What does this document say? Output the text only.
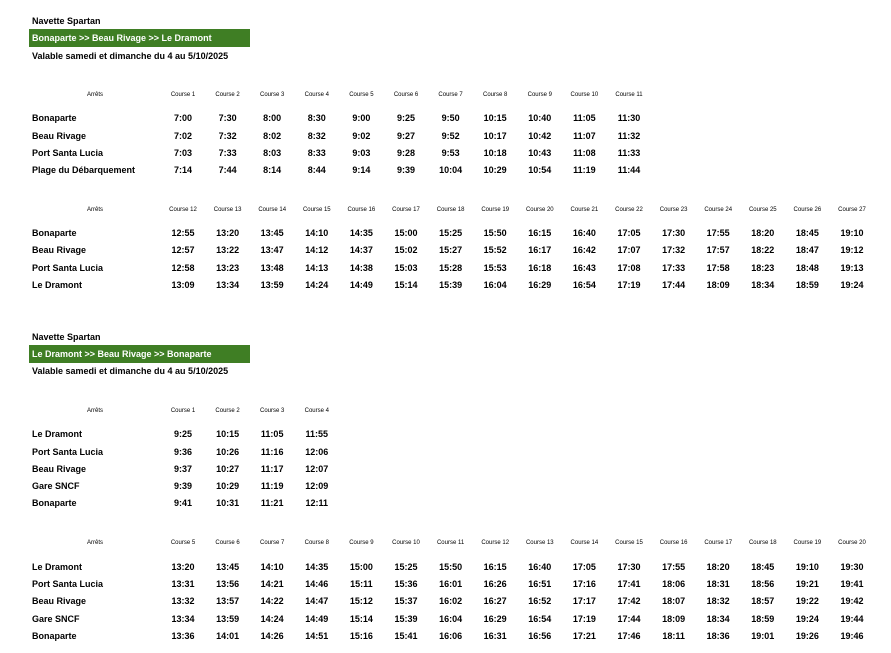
Navette Spartan
Bonaparte >> Beau Rivage >> Le Dramont
Valable samedi et dimanche du 4 au 5/10/2025
Arrêts	Course 1	Course 2	Course 3	Course 4	Course 5	Course 6	Course 7	Course 8	Course 9	Course 10	Course 11
Bonaparte	7:00	7:30	8:00	8:30	9:00	9:25	9:50	10:15	10:40	11:05	11:30
Beau Rivage	7:02	7:32	8:02	8:32	9:02	9:27	9:52	10:17	10:42	11:07	11:32
Port Santa Lucia	7:03	7:33	8:03	8:33	9:03	9:28	9:53	10:18	10:43	11:08	11:33
Plage du Débarquement	7:14	7:44	8:14	8:44	9:14	9:39	10:04	10:29	10:54	11:19	11:44
Arrêts	Course 12	Course 13	Course 14	Course 15	Course 16	Course 17	Course 18	Course 19	Course 20	Course 21	Course 22	Course 23	Course 24	Course 25	Course 26	Course 27
Bonaparte	12:55	13:20	13:45	14:10	14:35	15:00	15:25	15:50	16:15	16:40	17:05	17:30	17:55	18:20	18:45	19:10
Beau Rivage	12:57	13:22	13:47	14:12	14:37	15:02	15:27	15:52	16:17	16:42	17:07	17:32	17:57	18:22	18:47	19:12
Port Santa Lucia	12:58	13:23	13:48	14:13	14:38	15:03	15:28	15:53	16:18	16:43	17:08	17:33	17:58	18:23	18:48	19:13
Le Dramont	13:09	13:34	13:59	14:24	14:49	15:14	15:39	16:04	16:29	16:54	17:19	17:44	18:09	18:34	18:59	19:24
Navette Spartan
Le Dramont >> Beau Rivage >> Bonaparte
Valable samedi et dimanche du 4 au 5/10/2025
Arrêts	Course 1	Course 2	Course 3	Course 4
Le Dramont	9:25	10:15	11:05	11:55
Port Santa Lucia	9:36	10:26	11:16	12:06
Beau Rivage	9:37	10:27	11:17	12:07
Gare SNCF	9:39	10:29	11:19	12:09
Bonaparte	9:41	10:31	11:21	12:11
Arrêts	Course 5	Course 6	Course 7	Course 8	Course 9	Course 10	Course 11	Course 12	Course 13	Course 14	Course 15	Course 16	Course 17	Course 18	Course 19	Course 20
Le Dramont	13:20	13:45	14:10	14:35	15:00	15:25	15:50	16:15	16:40	17:05	17:30	17:55	18:20	18:45	19:10	19:30
Port Santa Lucia	13:31	13:56	14:21	14:46	15:11	15:36	16:01	16:26	16:51	17:16	17:41	18:06	18:31	18:56	19:21	19:41
Beau Rivage	13:32	13:57	14:22	14:47	15:12	15:37	16:02	16:27	16:52	17:17	17:42	18:07	18:32	18:57	19:22	19:42
Gare SNCF	13:34	13:59	14:24	14:49	15:14	15:39	16:04	16:29	16:54	17:19	17:44	18:09	18:34	18:59	19:24	19:44
Bonaparte	13:36	14:01	14:26	14:51	15:16	15:41	16:06	16:31	16:56	17:21	17:46	18:11	18:36	19:01	19:26	19:46
